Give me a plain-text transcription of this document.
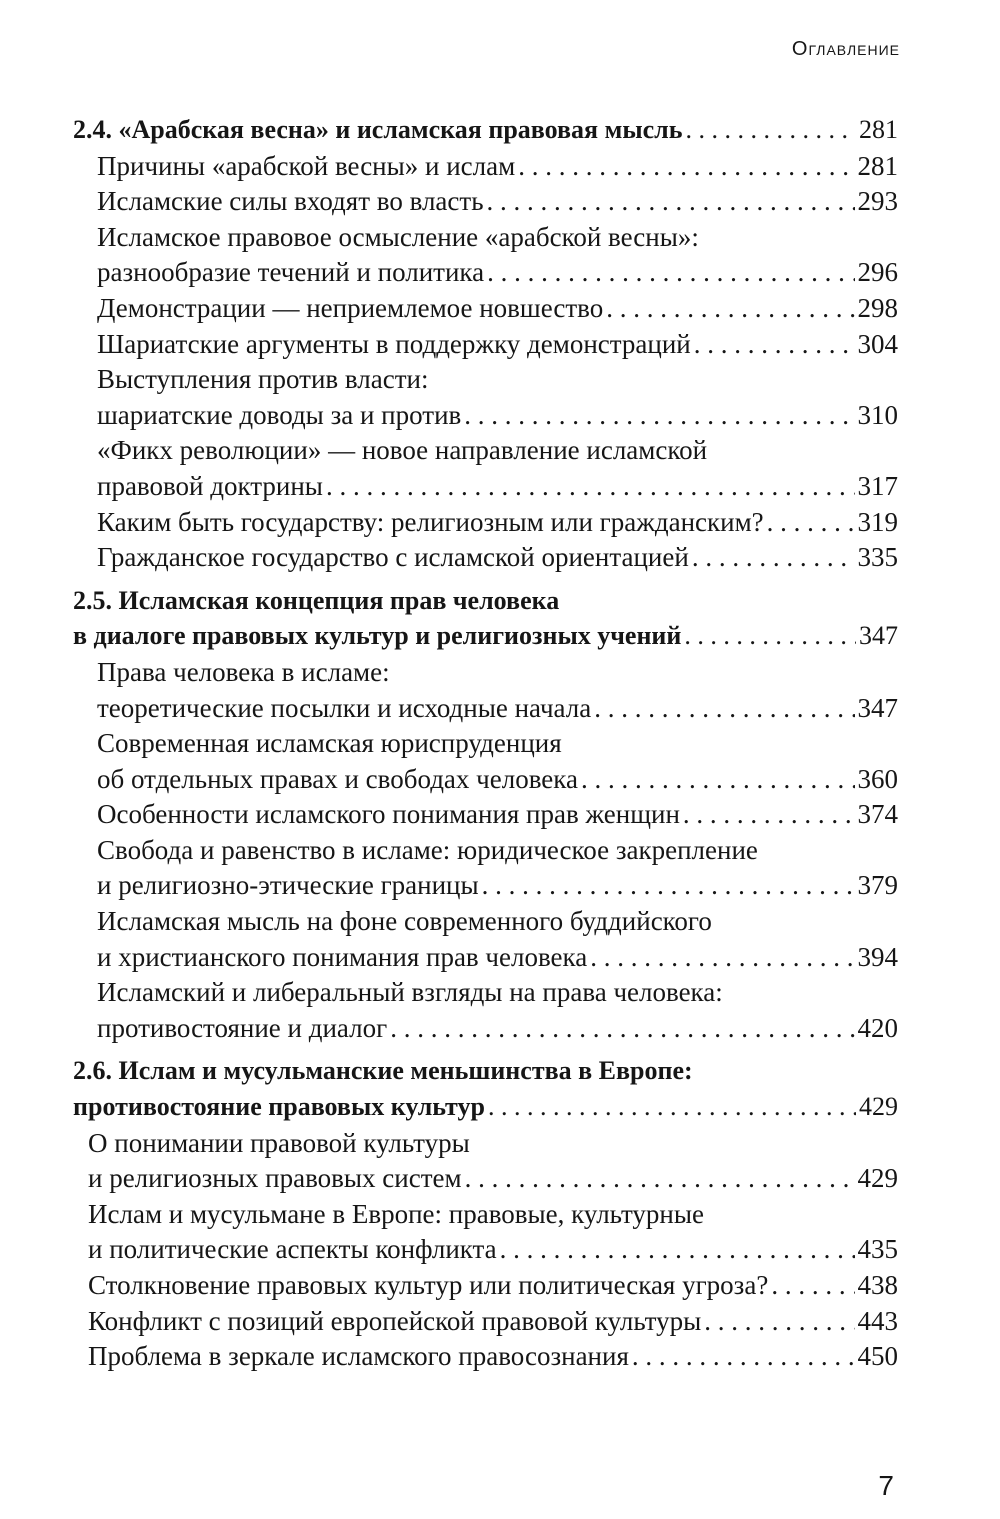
Оглавление
2.4. «Арабская весна» и исламская правовая мысль . . .	281
Причины «арабской весны» и ислам . . .	281
Исламские силы входят во власть . . .	293
Исламское правовое осмысление «арабской весны»:
разнообразие течений и политика . . .	296
Демонстрации — неприемлемое новшество . . .	298
Шариатские аргументы в поддержку демонстраций . . .	304
Выступления против власти:
шариатские доводы за и против . . .	310
«Фикх революции» — новое направление исламской
правовой доктрины . . .	317
Каким быть государству: религиозным или гражданским? . . .	319
Гражданское государство с исламской ориентацией . . .	335
2.5. Исламская концепция прав человека
в диалоге правовых культур и религиозных учений . . .	347
Права человека в исламе:
теоретические посылки и исходные начала . . .	347
Современная исламская юриспруденция
об отдельных правах и свободах человека . . .	360
Особенности исламского понимания прав женщин . . .	374
Свобода и равенство в исламе: юридическое закрепление
и религиозно-этические границы . . .	379
Исламская мысль на фоне современного буддийского
и христианского понимания прав человека . . .	394
Исламский и либеральный взгляды на права человека:
противостояние и диалог . . .	420
2.6. Ислам и мусульманские меньшинства в Европе:
противостояние правовых культур . . .	429
О понимании правовой культуры
и религиозных правовых систем . . .	429
Ислам и мусульмане в Европе: правовые, культурные
и политические аспекты конфликта . . .	435
Столкновение правовых культур или политическая угроза? . . .	438
Конфликт с позиций европейской правовой культуры . . .	443
Проблема в зеркале исламского правосознания . . .	450
7
